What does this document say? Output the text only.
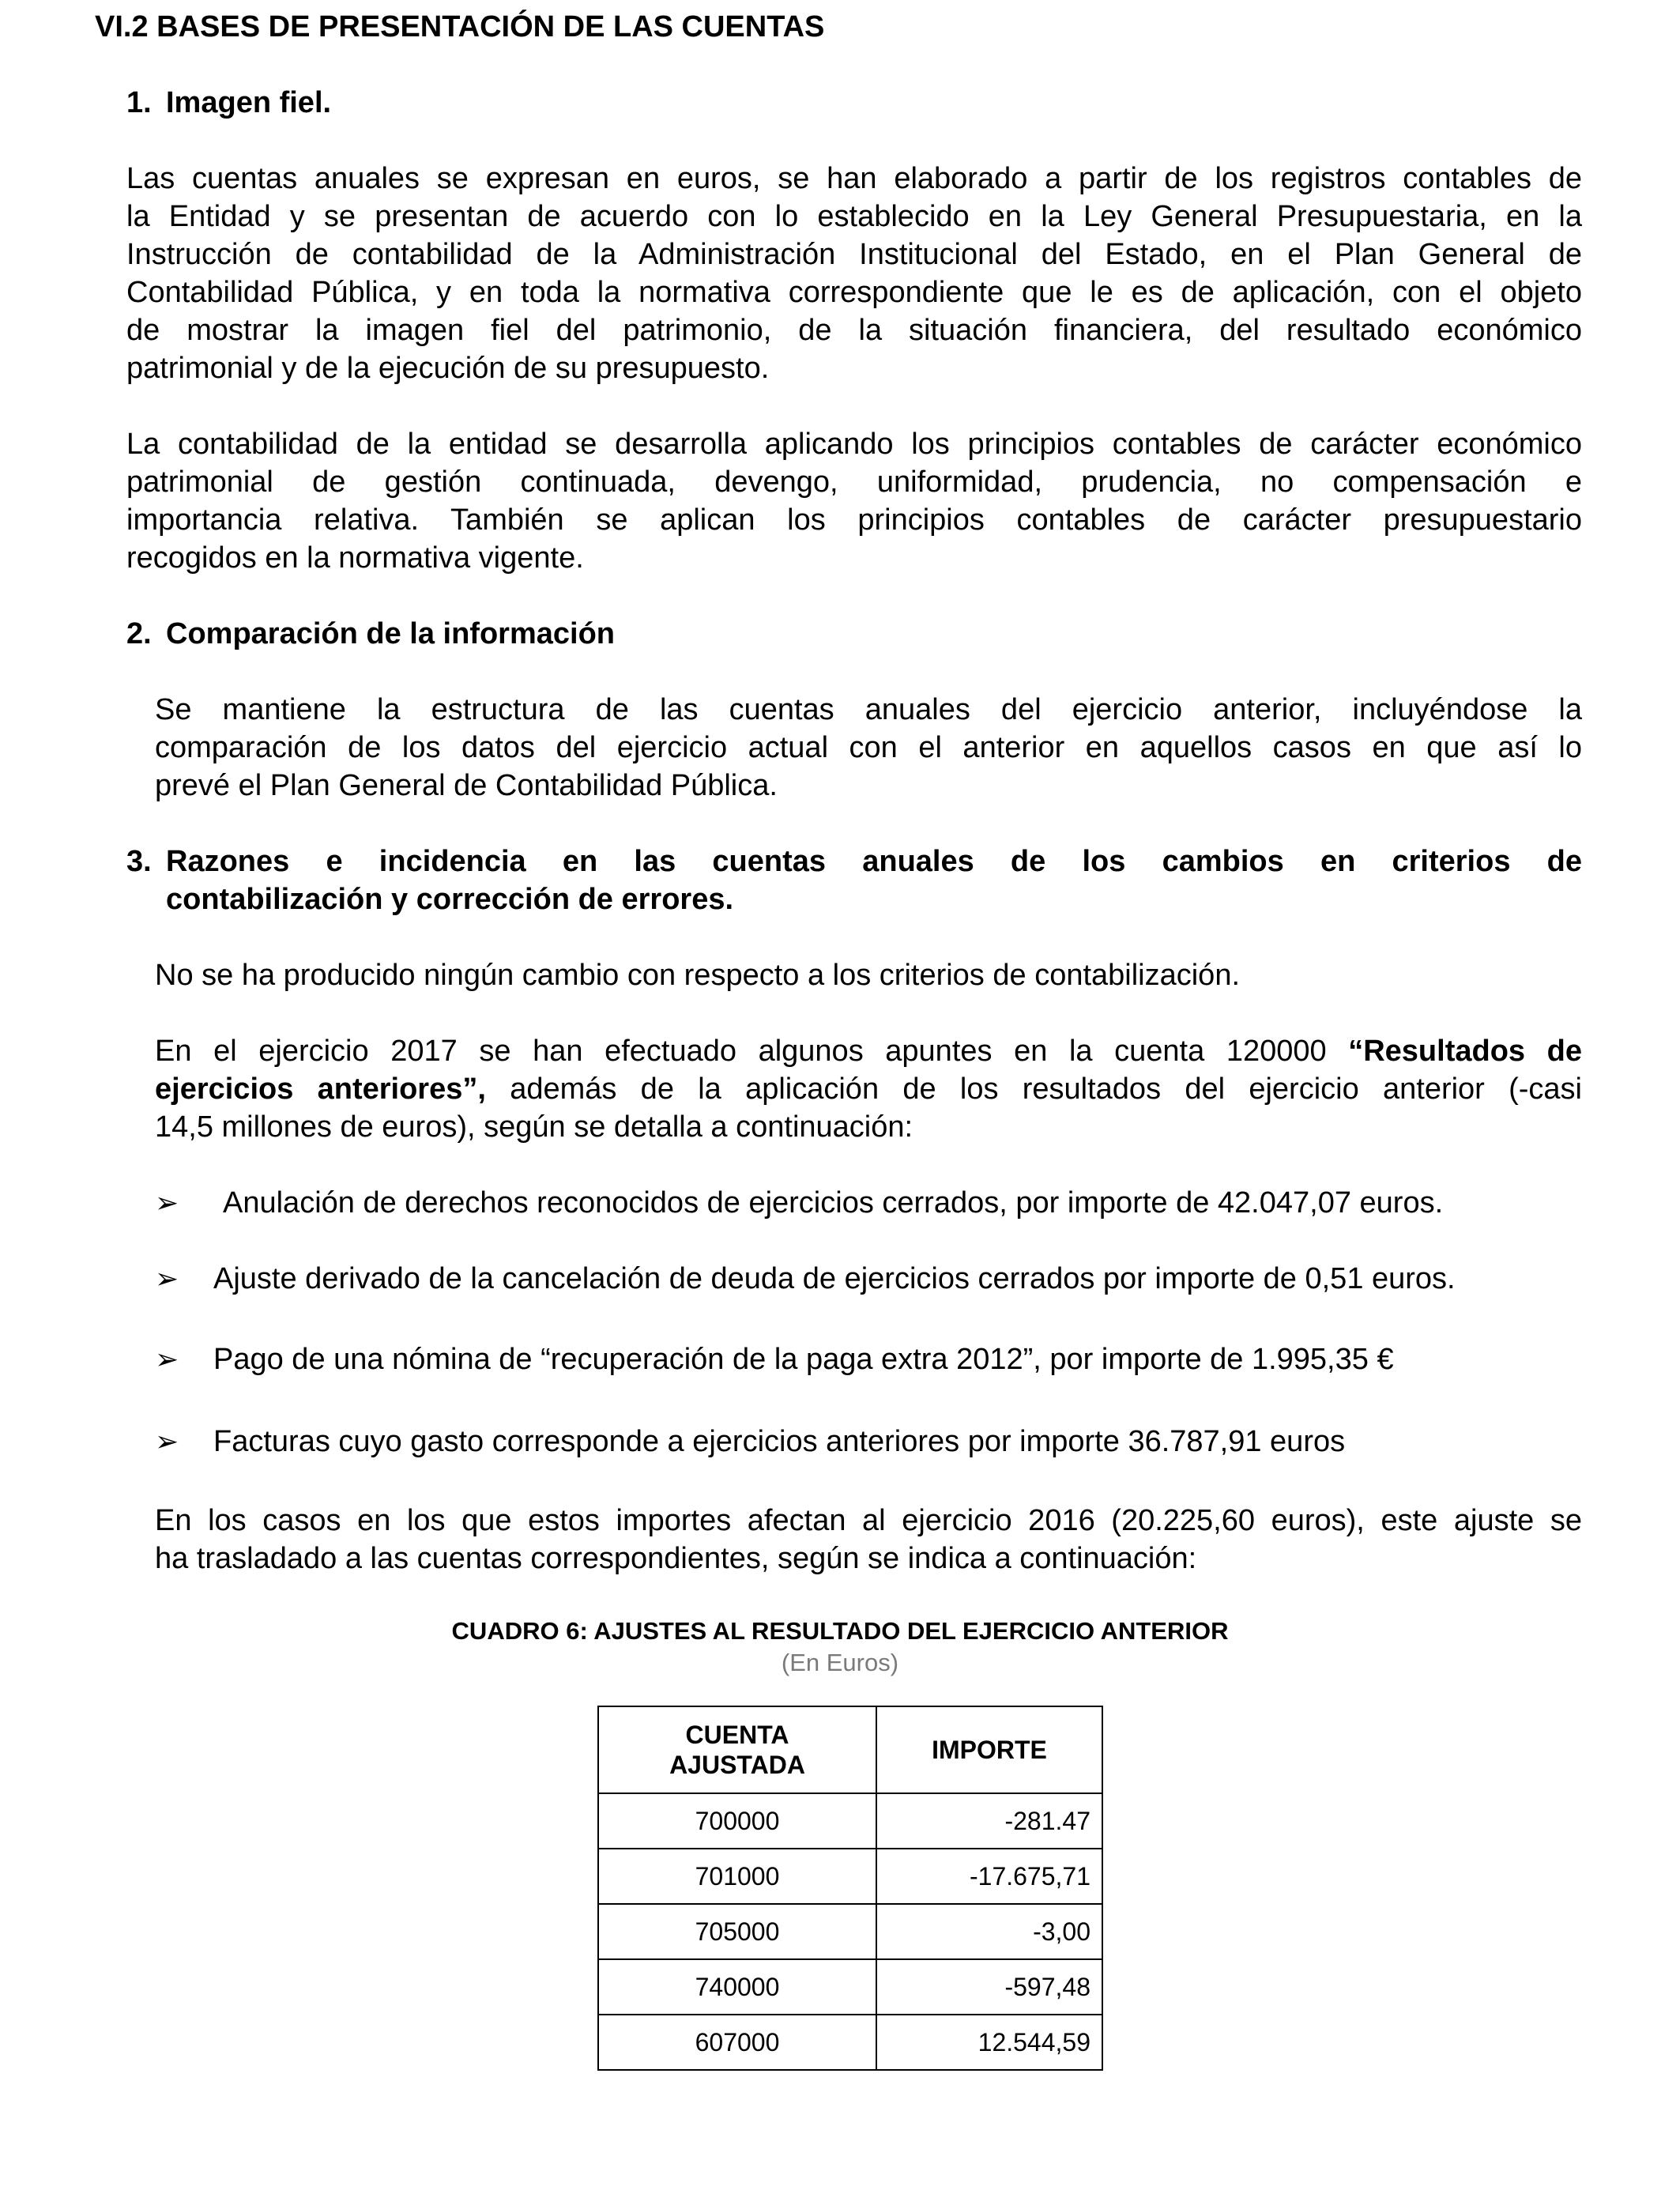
VI.2 BASES DE PRESENTACIÓN DE LAS CUENTAS
1. Imagen fiel.
Las cuentas anuales se expresan en euros, se han elaborado a partir de los registros contables de
la Entidad y se presentan de acuerdo con lo establecido en la Ley General Presupuestaria, en la
Instrucción de contabilidad de la Administración Institucional del Estado, en el Plan General de
Contabilidad Pública, y en toda la normativa correspondiente que le es de aplicación, con el objeto
de mostrar la imagen fiel del patrimonio, de la situación financiera, del resultado económico
patrimonial y de la ejecución de su presupuesto.
La contabilidad de la entidad se desarrolla aplicando los principios contables de carácter económico
patrimonial de gestión continuada, devengo, uniformidad, prudencia, no compensación e
importancia relativa. También se aplican los principios contables de carácter presupuestario
recogidos en la normativa vigente.
2. Comparación de la información
Se mantiene la estructura de las cuentas anuales del ejercicio anterior, incluyéndose la
comparación de los datos del ejercicio actual con el anterior en aquellos casos en que así lo
prevé el Plan General de Contabilidad Pública.
3. Razones e incidencia en las cuentas anuales de los cambios en criterios de
contabilización y corrección de errores.
No se ha producido ningún cambio con respecto a los criterios de contabilización.
En el ejercicio 2017 se han efectuado algunos apuntes en la cuenta 120000 “Resultados de
ejercicios anteriores”, además de la aplicación de los resultados del ejercicio anterior (-casi
14,5 millones de euros), según se detalla a continuación:
➢ Anulación de derechos reconocidos de ejercicios cerrados, por importe de 42.047,07 euros.
➢ Ajuste derivado de la cancelación de deuda de ejercicios cerrados por importe de 0,51 euros.
➢ Pago de una nómina de “recuperación de la paga extra 2012”, por importe de 1.995,35 €
➢ Facturas cuyo gasto corresponde a ejercicios anteriores por importe 36.787,91 euros
En los casos en los que estos importes afectan al ejercicio 2016 (20.225,60 euros), este ajuste se
ha trasladado a las cuentas correspondientes, según se indica a continuación:
CUADRO 6: AJUSTES AL RESULTADO DEL EJERCICIO ANTERIOR
(En Euros)
CUENTA
AJUSTADA	IMPORTE
700000	-281.47
701000	-17.675,71
705000	-3,00
740000	-597,48
607000	12.544,59
